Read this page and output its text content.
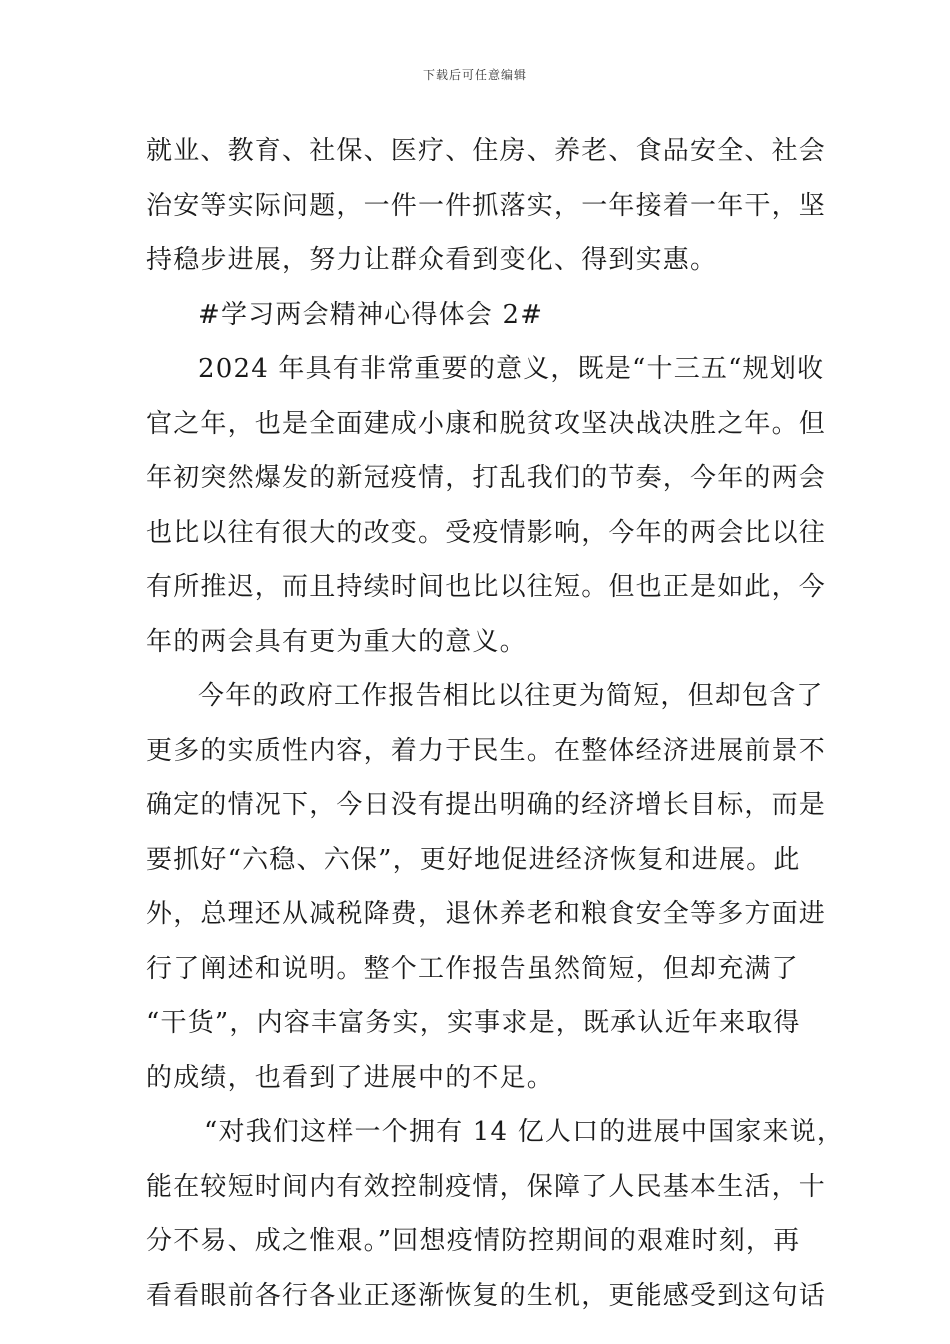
下载后可任意编辑
就业、教育、社保、医疗、住房、养老、食品安全、社会
治安等实际问题，一件一件抓落实，一年接着一年干，坚
持稳步进展，努力让群众看到变化、得到实惠。
#学习两会精神心得体会 2#
2024 年具有非常重要的意义，既是“十三五“规划收
官之年，也是全面建成小康和脱贫攻坚决战决胜之年。但
年初突然爆发的新冠疫情，打乱我们的节奏，今年的两会
也比以往有很大的改变。受疫情影响，今年的两会比以往
有所推迟，而且持续时间也比以往短。但也正是如此，今
年的两会具有更为重大的意义。
今年的政府工作报告相比以往更为简短，但却包含了
更多的实质性内容，着力于民生。在整体经济进展前景不
确定的情况下，今日没有提出明确的经济增长目标，而是
要抓好“六稳、六保”，更好地促进经济恢复和进展。此
外，总理还从减税降费，退休养老和粮食安全等多方面进
行了阐述和说明。整个工作报告虽然简短，但却充满了
“干货”，内容丰富务实，实事求是，既承认近年来取得
的成绩，也看到了进展中的不足。
“对我们这样一个拥有 14 亿人口的进展中国家来说，
能在较短时间内有效控制疫情，保障了人民基本生活，十
分不易、成之惟艰。”回想疫情防控期间的艰难时刻，再
看看眼前各行各业正逐渐恢复的生机，更能感受到这句话
